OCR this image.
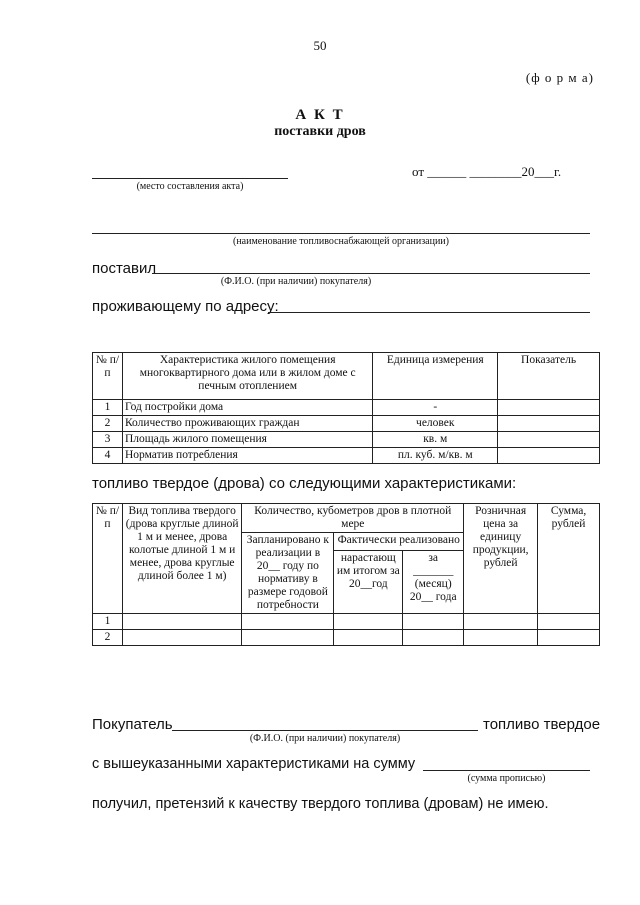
50
(ф о р м а)
А К Т
поставки дров
(место составления акта)
от ______ ________20___г.
(наименование топливоснабжающей организации)
поставил
(Ф.И.О. (при наличии) покупателя)
проживающему по адресу:
№ п/п	Характеристика жилого помещения многоквартирного дома или в жилом доме с печным отоплением	Единица измерения	Показатель
1	Год постройки дома	-	
2	Количество проживающих граждан	человек	
3	Площадь жилого помещения	кв. м	
4	Норматив потребления	пл. куб. м/кв. м	
топливо твердое (дрова) со следующими характеристиками:
№ п/п	Вид топлива твердого (дрова круглые длиной 1 м и менее, дрова колотые длиной 1 м и менее, дрова круглые длиной более 1 м)	Количество, кубометров дров в плотной мере			Розничная цена за единицу продукции, рублей	Сумма, рублей
		Запланировано к реализации в 20__ году по нормативу в размере годовой потребности	Фактически реализовано			
			нарастающ им итогом за 20__год	за
_______
(месяц) 20__ года		

1						
2						
Покупатель	топливо твердое
(Ф.И.О. (при наличии) покупателя)
с вышеуказанными характеристиками на сумму
(сумма прописью)
получил, претензий к качеству твердого топлива (дровам) не имею.
